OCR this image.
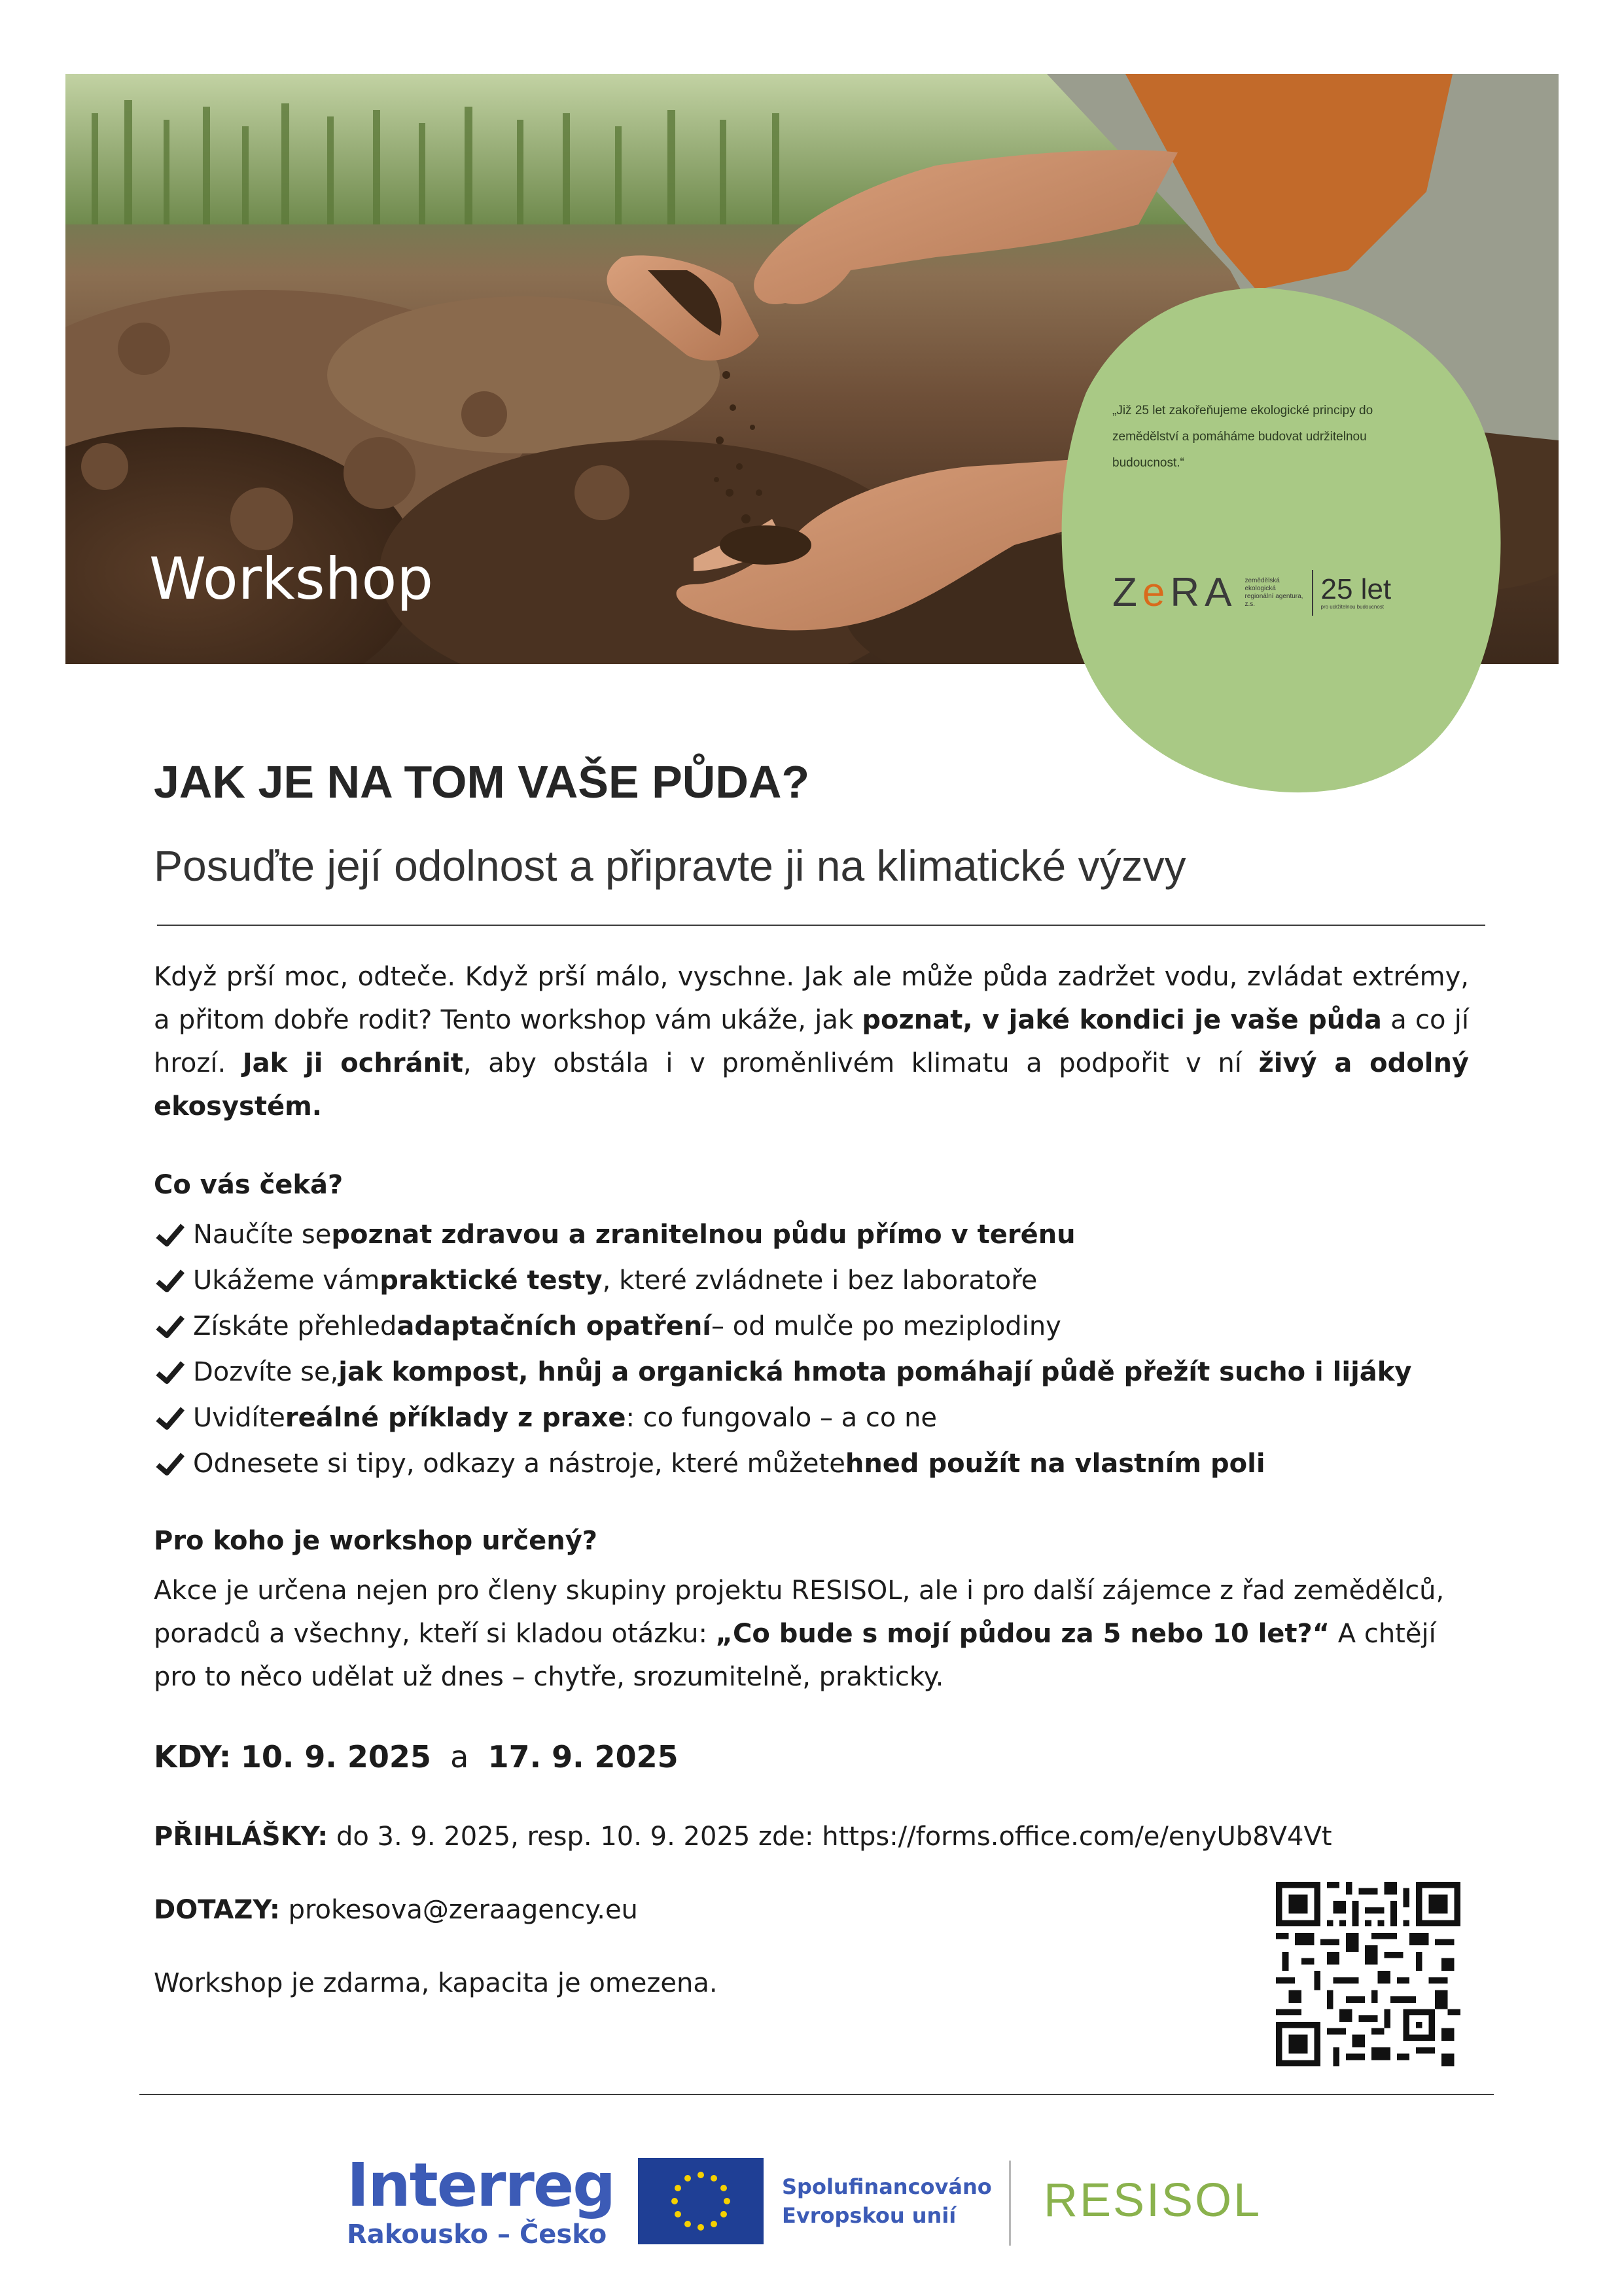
Workshop
„Již 25 let zakořeňujeme ekologické principy do zemědělství a pomáháme budovat udržitelnou budoucnost.“
ZeRA zemědělská ekologická regionální agentura, z.s.	25 let
pro udržitelnou budoucnost
JAK JE NA TOM VAŠE PŮDA?
Posuďte její odolnost a připravte ji na klimatické výzvy

Když prší moc, odteče. Když prší málo, vyschne. Jak ale může půda zadržet vodu, zvládat extrémy, a přitom dobře rodit? Tento workshop vám ukáže, jak poznat, v jaké kondici je vaše půda a co jí hrozí. Jak ji ochránit, aby obstála i v proměnlivém klimatu a podpořit v ní živý a odolný ekosystém.

Co vás čeká?
Naučíte se poznat zdravou a zranitelnou půdu přímo v terénu
Ukážeme vám praktické testy , které zvládnete i bez laboratoře
Získáte přehled adaptačních opatření – od mulče po meziplodiny
Dozvíte se, jak kompost, hnůj a organická hmota pomáhají půdě přežít sucho i lijáky
Uvidíte reálné příklady z praxe : co fungovalo – a co ne
Odnesete si tipy, odkazy a nástroje, které můžete hned použít na vlastním poli
Pro koho je workshop určený?

Akce je určena nejen pro členy skupiny projektu RESISOL, ale i pro další zájemce z řad zemědělců, poradců a všechny, kteří si kladou otázku: „Co bude s mojí půdou za 5 nebo 10 let?“ A chtějí pro to něco udělat už dnes – chytře, srozumitelně, prakticky.

KDY: 10. 9. 2025 a 17. 9. 2025
PŘIHLÁŠKY: do 3. 9. 2025, resp. 10. 9. 2025 zde: https://forms.office.com/e/enyUb8V4Vt
DOTAZY: prokesova@zeraagency.eu
Workshop je zdarma, kapacita je omezena.
Interreg
Rakousko – Česko
Spolufinancováno
Evropskou unií	RESISOL
